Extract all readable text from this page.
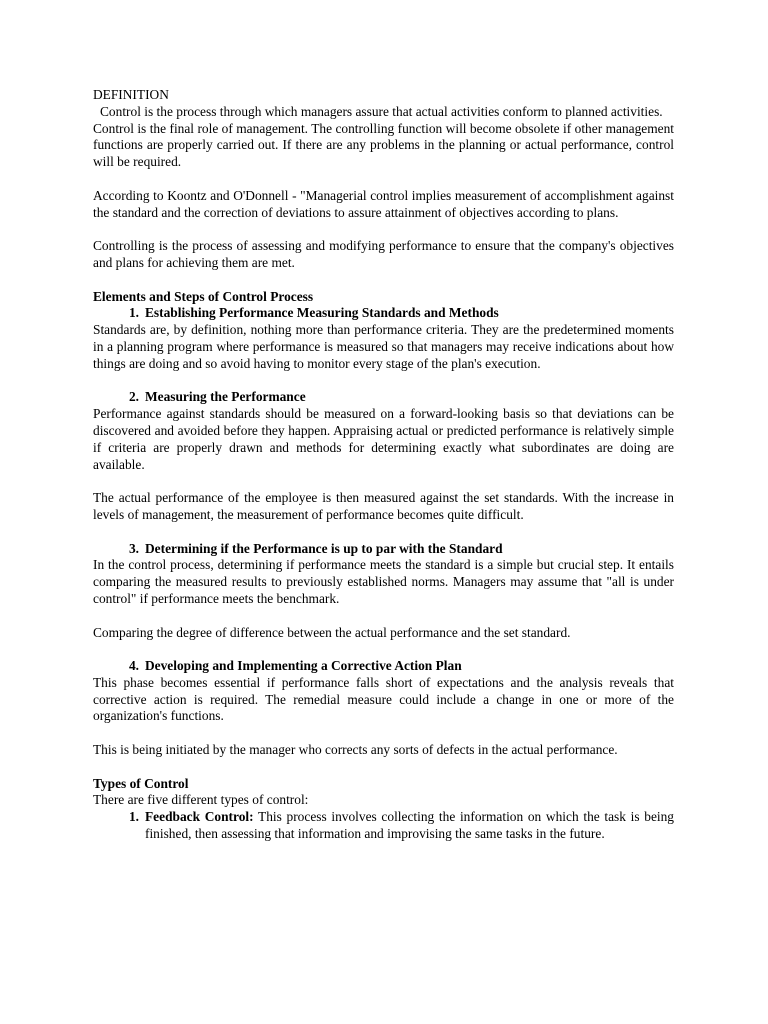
DEFINITION

Control is the process through which managers assure that actual activities conform to planned activities.

Control is the final role of management. The controlling function will become obsolete if other management functions are properly carried out. If there are any problems in the planning or actual performance, control will be required.

According to Koontz and O'Donnell - "Managerial control implies measurement of accomplishment against the standard and the correction of deviations to assure attainment of objectives according to plans.

Controlling is the process of assessing and modifying performance to ensure that the company's objectives and plans for achieving them are met.

Elements and Steps of Control Process

1. Establishing Performance Measuring Standards and Methods

Standards are, by definition, nothing more than performance criteria. They are the predetermined moments in a planning program where performance is measured so that managers may receive indications about how things are doing and so avoid having to monitor every stage of the plan's execution.

2. Measuring the Performance

Performance against standards should be measured on a forward-looking basis so that deviations can be discovered and avoided before they happen. Appraising actual or predicted performance is relatively simple if criteria are properly drawn and methods for determining exactly what subordinates are doing are available.

The actual performance of the employee is then measured against the set standards. With the increase in levels of management, the measurement of performance becomes quite difficult.

3. Determining if the Performance is up to par with the Standard

In the control process, determining if performance meets the standard is a simple but crucial step. It entails comparing the measured results to previously established norms. Managers may assume that "all is under control" if performance meets the benchmark.

Comparing the degree of difference between the actual performance and the set standard.

4. Developing and Implementing a Corrective Action Plan

This phase becomes essential if performance falls short of expectations and the analysis reveals that corrective action is required. The remedial measure could include a change in one or more of the organization's functions.

This is being initiated by the manager who corrects any sorts of defects in the actual performance.

Types of Control

There are five different types of control:

1. Feedback Control: This process involves collecting the information on which the task is being finished, then assessing that information and improvising the same tasks in the future.
